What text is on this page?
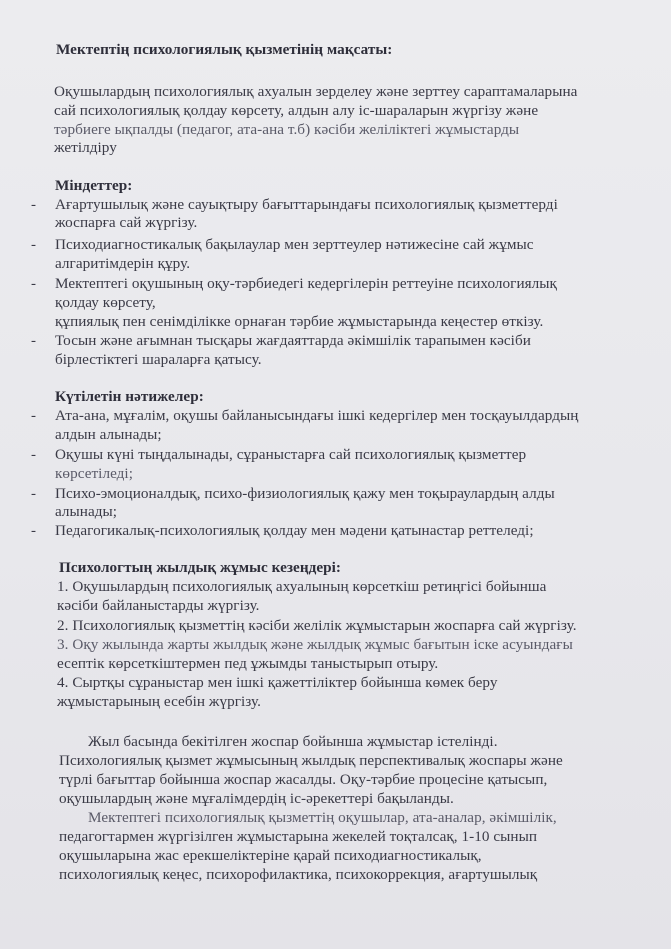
Мектептің психологиялық қызметінің мақсаты:
Оқушылардың психологиялық ахуалын зерделеу және зерттеу сараптамаларына
сай психологиялық қолдау көрсету, алдын алу іс-шараларын жүргізу және
тәрбиеге ықпалды (педагог, ата-ана т.б) кәсіби желіліктегі жұмыстарды
жетілдіру
Міндеттер:
- Ағартушылық және сауықтыру бағыттарындағы психологиялық қызметтерді
жоспарға сай жүргізу.
- Психодиагностикалық бақылаулар мен зерттеулер нәтижесіне сай жұмыс
алгаритімдерін құру.
- Мектептегі оқушының оқу-тәрбиедегі кедергілерін реттеуіне психологиялық
қолдау көрсету,
құпиялық пен сенімділікке орнаған тәрбие жұмыстарында кеңестер өткізу.
- Тосын және ағымнан тысқары жағдаяттарда әкімшілік тарапымен кәсіби
бірлестіктегі шараларға қатысу.
Күтілетін нәтижелер:
- Ата-ана, мұғалім, оқушы байланысындағы ішкі кедергілер мен тосқауылдардың
алдын алынады;
- Оқушы күні тыңдалынады, сұраныстарға сай психологиялық қызметтер
көрсетіледі;
- Психо-эмоционалдық, психо-физиологиялық қажу мен тоқыраулардың алды
алынады;
- Педагогикалық-психологиялық қолдау мен мәдени қатынастар реттеледі;
Психологтың жылдық жұмыс кезеңдері:
1. Оқушылардың психологиялық ахуалының көрсеткіш ретиңгісі бойынша
кәсіби байланыстарды жүргізу.
2. Психологиялық қызметтің кәсіби желілік жұмыстарын жоспарға сай жүргізу.
3. Оқу жылында жарты жылдық және жылдық жұмыс бағытын іске асуындағы
есептік көрсеткіштермен пед ұжымды таныстырып отыру.
4. Сыртқы сұраныстар мен ішкі қажеттіліктер бойынша көмек беру
жұмыстарының есебін жүргізу.
Жыл басында бекітілген жоспар бойынша жұмыстар істелінді.
Психологиялық қызмет жұмысының жылдық перспективалық жоспары және
түрлі бағыттар бойынша жоспар жасалды. Оқу-тәрбие процесіне қатысып,
оқушылардың және мұғалімдердің іс-әрекеттері бақыланды.
Мектептегі психологиялық қызметтің оқушылар, ата-аналар, әкімшілік,
педагогтармен жүргізілген жұмыстарына жекелей тоқталсақ, 1-10 сынып
оқушыларына жас ерекшеліктеріне қарай психодиагностикалық,
психологиялық кеңес, психорофилактика, психокоррекция, ағартушылық
